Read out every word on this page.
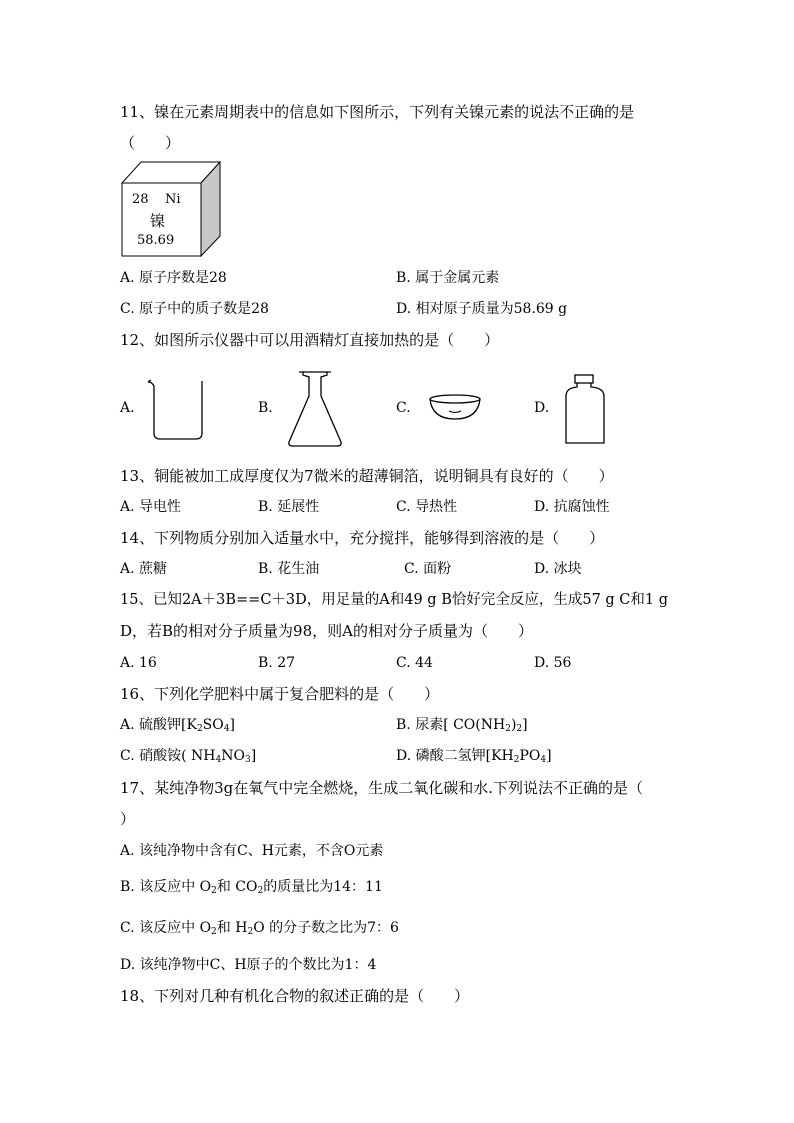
11、镍在元素周期表中的信息如下图所示，下列有关镍元素的说法不正确的是
（　　）
28 Ni
镍
58.69
A. 原子序数是28	B. 属于金属元素
C. 原子中的质子数是28	D. 相对原子质量为58.69 g
12、如图所示仪器中可以用酒精灯直接加热的是（　　）
A.	B.	C.	D.
13、铜能被加工成厚度仅为7微米的超薄铜箔，说明铜具有良好的（　　）
A. 导电性	B. 延展性	C. 导热性	D. 抗腐蚀性
14、下列物质分别加入适量水中，充分搅拌，能够得到溶液的是（　　）
A. 蔗糖	B. 花生油	C. 面粉	D. 冰块
15、已知2A＋3B==C＋3D，用足量的A和49 g B恰好完全反应，生成57 g C和1 g
D，若B的相对分子质量为98，则A的相对分子质量为（　　）
A. 16	B. 27	C. 44	D. 56
16、下列化学肥料中属于复合肥料的是（　　）
A. 硫酸钾$[K_2SO_4]$	B. 尿素[ $CO(NH_2)_2$]
C. 硝酸铵( $NH_4NO_3$]	D. 磷酸二氢钾$[KH_2PO_4]$
17、某纯净物3g在氧气中完全燃烧，生成二氧化碳和水.下列说法不正确的是（
）
A. 该纯净物中含有C、H元素，不含O元素
B. 该反应中 $O_2$和 $CO_2$的质量比为14：11
C. 该反应中 $O_2$和 $H_2O$ 的分子数之比为7：6
D. 该纯净物中C、H原子的个数比为1：4
18、下列对几种有机化合物的叙述正确的是（　　）
